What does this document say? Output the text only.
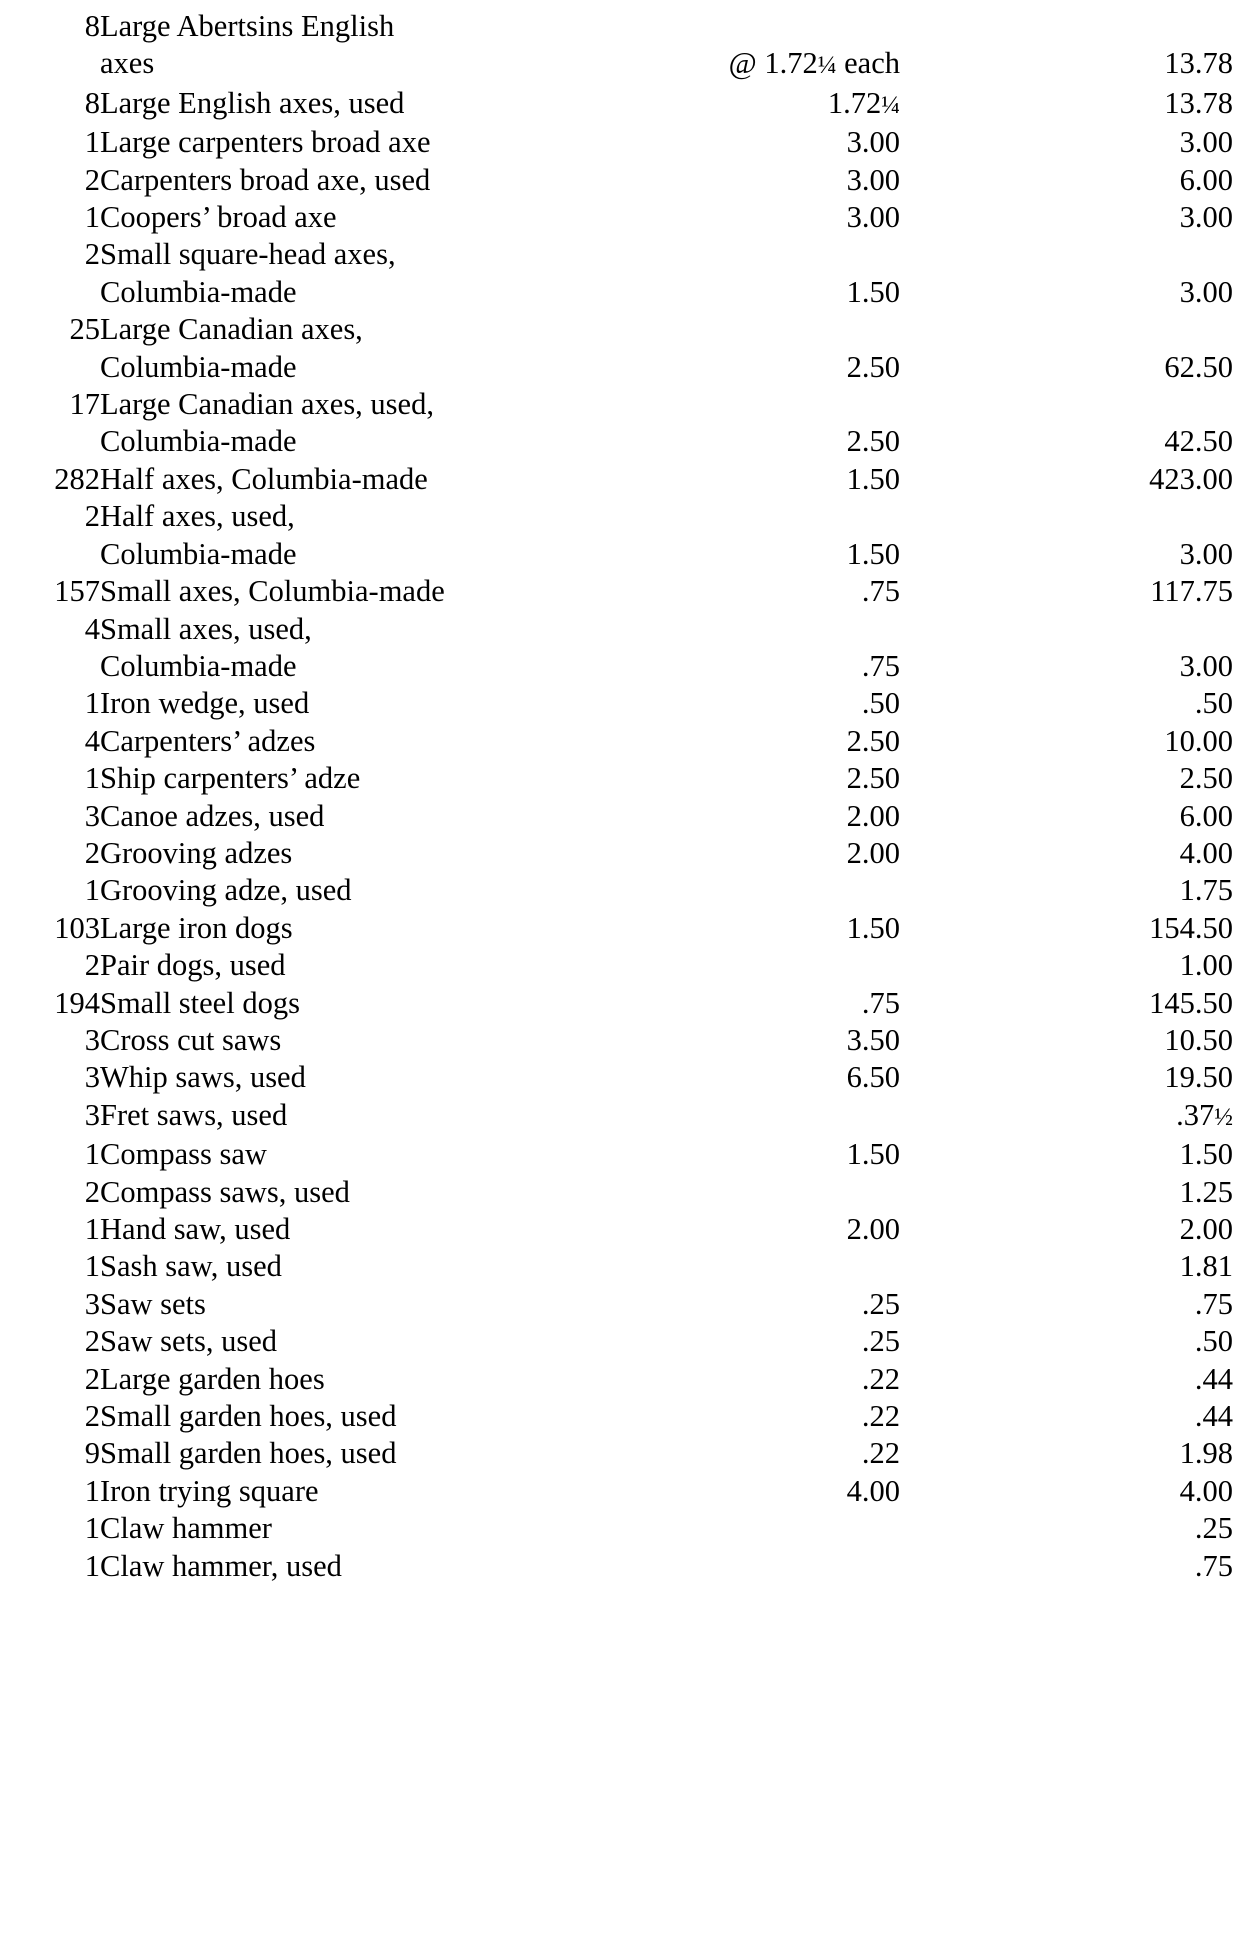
8	Large Abertsins English		
	axes	@ 1.72¼ each	13.78
8	Large English axes, used	1.72¼	13.78
1	Large carpenters broad axe	3.00	3.00
2	Carpenters broad axe, used	3.00	6.00
1	Coopers’ broad axe	3.00	3.00
2	Small square-head axes,		
	Columbia-made	1.50	3.00
25	Large Canadian axes,		
	Columbia-made	2.50	62.50
17	Large Canadian axes, used,		
	Columbia-made	2.50	42.50
282	Half axes, Columbia-made	1.50	423.00
2	Half axes, used,		
	Columbia-made	1.50	3.00
157	Small axes, Columbia-made	.75	117.75
4	Small axes, used,		
	Columbia-made	.75	3.00
1	Iron wedge, used	.50	.50
4	Carpenters’ adzes	2.50	10.00
1	Ship carpenters’ adze	2.50	2.50
3	Canoe adzes, used	2.00	6.00
2	Grooving adzes	2.00	4.00
1	Grooving adze, used		1.75
103	Large iron dogs	1.50	154.50
2	Pair dogs, used		1.00
194	Small steel dogs	.75	145.50
3	Cross cut saws	3.50	10.50
3	Whip saws, used	6.50	19.50
3	Fret saws, used		.37½
1	Compass saw	1.50	1.50
2	Compass saws, used		1.25
1	Hand saw, used	2.00	2.00
1	Sash saw, used		1.81
3	Saw sets	.25	.75
2	Saw sets, used	.25	.50
2	Large garden hoes	.22	.44
2	Small garden hoes, used	.22	.44
9	Small garden hoes, used	.22	1.98
1	Iron trying square	4.00	4.00
1	Claw hammer		.25
1	Claw hammer, used		.75
